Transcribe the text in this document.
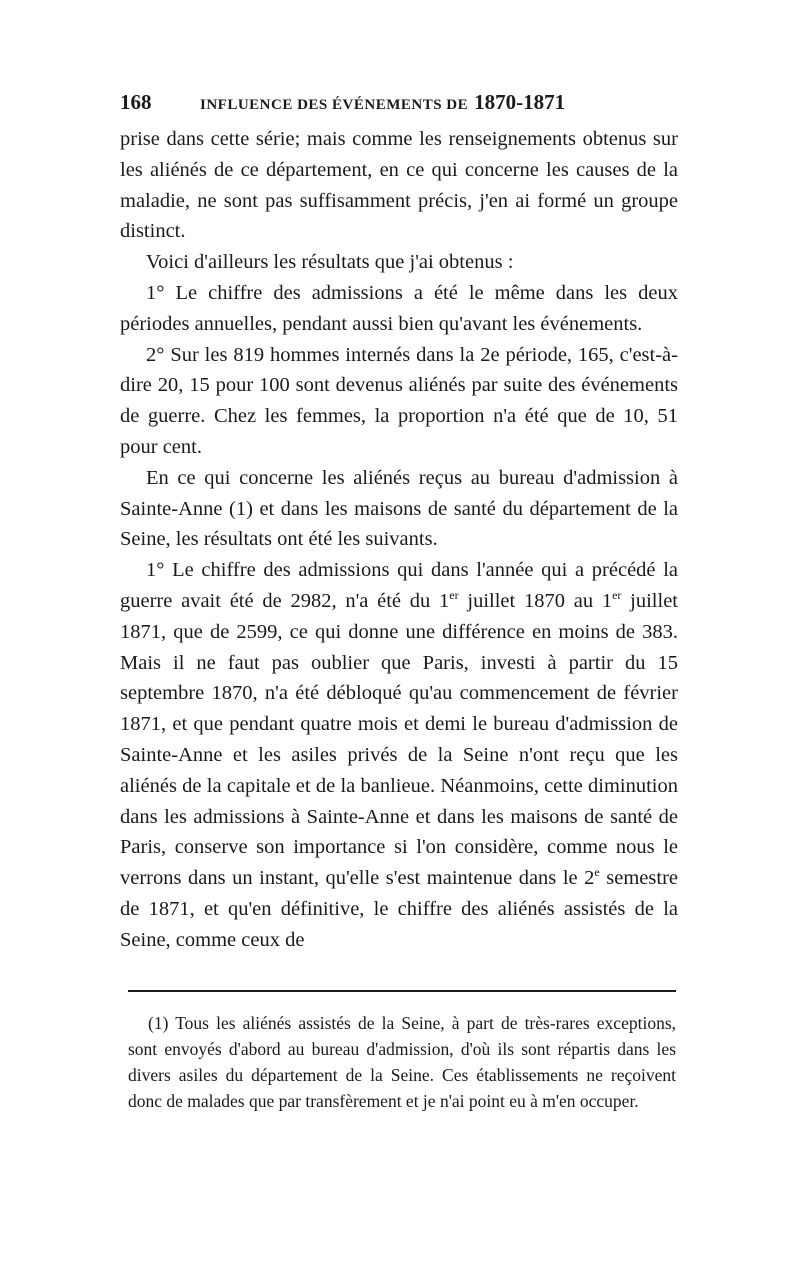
168	INFLUENCE DES ÉVÉNEMENTS DE 1870-1871

prise dans cette série; mais comme les renseignements obtenus sur les aliénés de ce département, en ce qui concerne les causes de la maladie, ne sont pas suffisamment précis, j'en ai formé un groupe distinct.

Voici d'ailleurs les résultats que j'ai obtenus :

1° Le chiffre des admissions a été le même dans les deux périodes annuelles, pendant aussi bien qu'avant les événements.

2° Sur les 819 hommes internés dans la 2e période, 165, c'est-à-dire 20, 15 pour 100 sont devenus aliénés par suite des événements de guerre. Chez les femmes, la proportion n'a été que de 10, 51 pour cent.

En ce qui concerne les aliénés reçus au bureau d'admission à Sainte-Anne (1) et dans les maisons de santé du département de la Seine, les résultats ont été les suivants.

1° Le chiffre des admissions qui dans l'année qui a précédé la guerre avait été de 2982, n'a été du 1er juillet 1870 au 1er juillet 1871, que de 2599, ce qui donne une différence en moins de 383. Mais il ne faut pas oublier que Paris, investi à partir du 15 septembre 1870, n'a été débloqué qu'au commencement de février 1871, et que pendant quatre mois et demi le bureau d'admission de Sainte-Anne et les asiles privés de la Seine n'ont reçu que les aliénés de la capitale et de la banlieue. Néanmoins, cette diminution dans les admissions à Sainte-Anne et dans les maisons de santé de Paris, conserve son importance si l'on considère, comme nous le verrons dans un instant, qu'elle s'est maintenue dans le 2e semestre de 1871, et qu'en définitive, le chiffre des aliénés assistés de la Seine, comme ceux de

(1) Tous les aliénés assistés de la Seine, à part de très-rares exceptions, sont envoyés d'abord au bureau d'admission, d'où ils sont répartis dans les divers asiles du département de la Seine. Ces établissements ne reçoivent donc de malades que par transfèrement et je n'ai point eu à m'en occuper.
